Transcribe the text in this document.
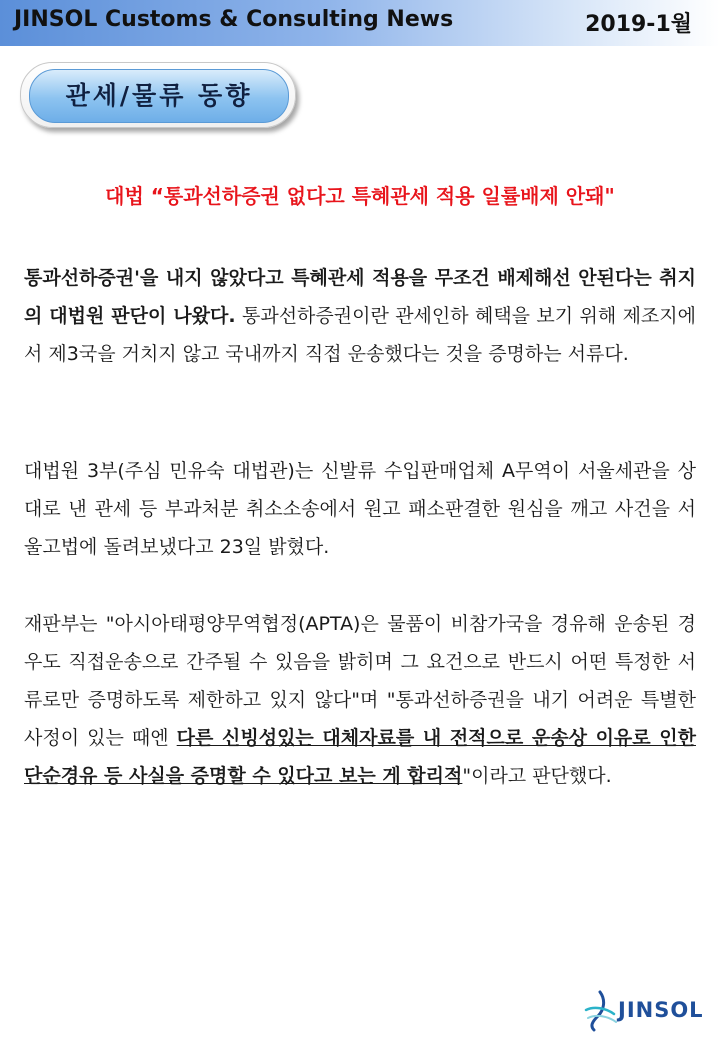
JINSOL Customs & Consulting News	2019-1월
관세/물류 동향
대법 “통과선하증권 없다고 특혜관세 적용 일률배제 안돼"

통과선하증권'을 내지 않았다고 특혜관세 적용을 무조건 배제해선 안된다는 취지의 대법원 판단이 나왔다. 통과선하증권이란 관세인하 혜택을 보기 위해 제조지에서 제3국을 거치지 않고 국내까지 직접 운송했다는 것을 증명하는 서류다.

대법원 3부(주심 민유숙 대법관)는 신발류 수입판매업체 A무역이 서울세관을 상대로 낸 관세 등 부과처분 취소소송에서 원고 패소판결한 원심을 깨고 사건을 서울고법에 돌려보냈다고 23일 밝혔다.

재판부는 "아시아태평양무역협정(APTA)은 물품이 비참가국을 경유해 운송된 경우도 직접운송으로 간주될 수 있음을 밝히며 그 요건으로 반드시 어떤 특정한 서류로만 증명하도록 제한하고 있지 않다"며 "통과선하증권을 내기 어려운 특별한 사정이 있는 때엔 다른 신빙성있는 대체자료를 내 전적으로 운송상 이유로 인한 단순경유 등 사실을 증명할 수 있다고 보는 게 합리적"이라고 판단했다.

JINSOL
